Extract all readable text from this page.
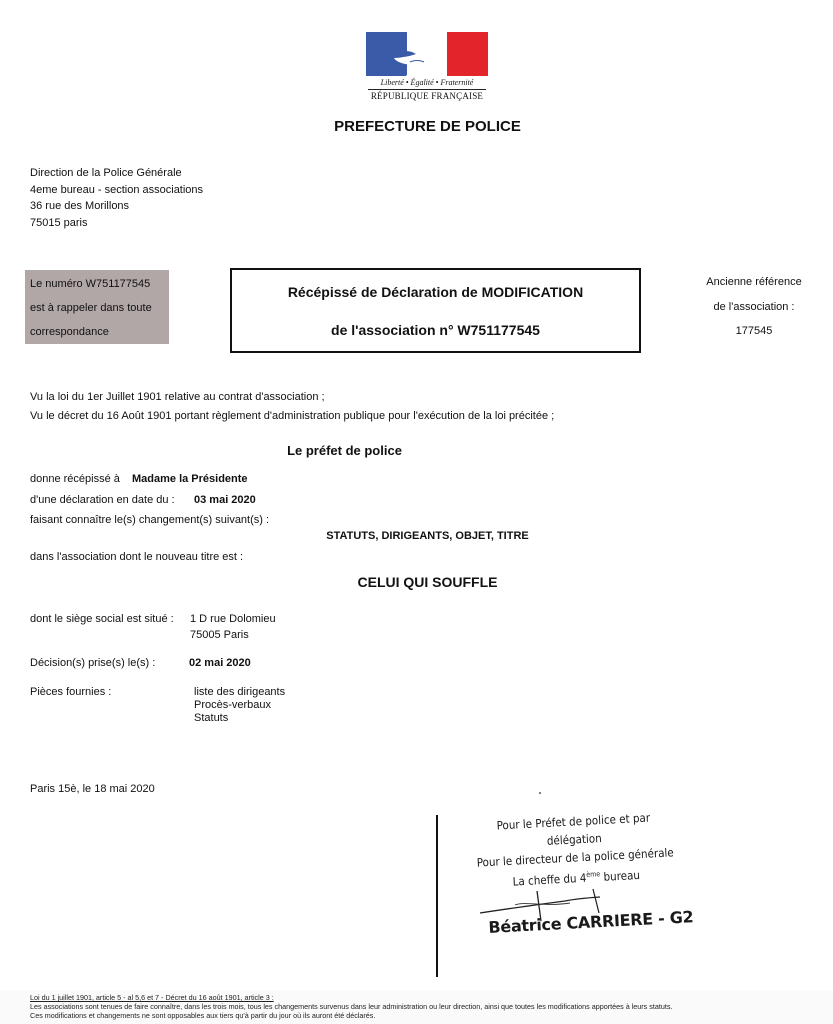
Liberté • Égalité • Fraternité
RÉPUBLIQUE FRANÇAISE
PREFECTURE DE POLICE
Direction de la Police Générale
4eme bureau - section associations
36 rue des Morillons
75015 paris
Le numéro W751177545
est à rappeler dans toute
correspondance
Récépissé de Déclaration de MODIFICATION
de l'association n° W751177545
Ancienne référence
de l'association :
177545
Vu la loi du 1er Juillet 1901 relative au contrat d'association ;
Vu le décret du 16 Août 1901 portant règlement d'administration publique pour l'exécution de la loi précitée ;
Le préfet de police
donne récépissé à Madame la Présidente
d'une déclaration en date du : 03 mai 2020
faisant connaître le(s) changement(s) suivant(s) :
STATUTS, DIRIGEANTS, OBJET, TITRE
dans l'association dont le nouveau titre est :
CELUI QUI SOUFFLE
dont le siège social est situé : 1 D rue Dolomieu
75005 Paris
Décision(s) prise(s) le(s) :	02 mai 2020
Pièces fournies :	liste des dirigeants
Procès-verbaux
Statuts
Paris 15è, le 18 mai 2020
Pour le Préfet de police et par délégation
Pour le directeur de la police générale
La cheffe du 4ème bureau
Béatrice CARRIERE - G2
Loi du 1 juillet 1901, article 5 - al 5,6 et 7 - Décret du 16 août 1901, article 3 :
Les associations sont tenues de faire connaître, dans les trois mois, tous les changements survenus dans leur administration ou leur direction, ainsi que toutes les modifications apportées à leurs statuts.
Ces modifications et changements ne sont opposables aux tiers qu'à partir du jour où ils auront été déclarés.
